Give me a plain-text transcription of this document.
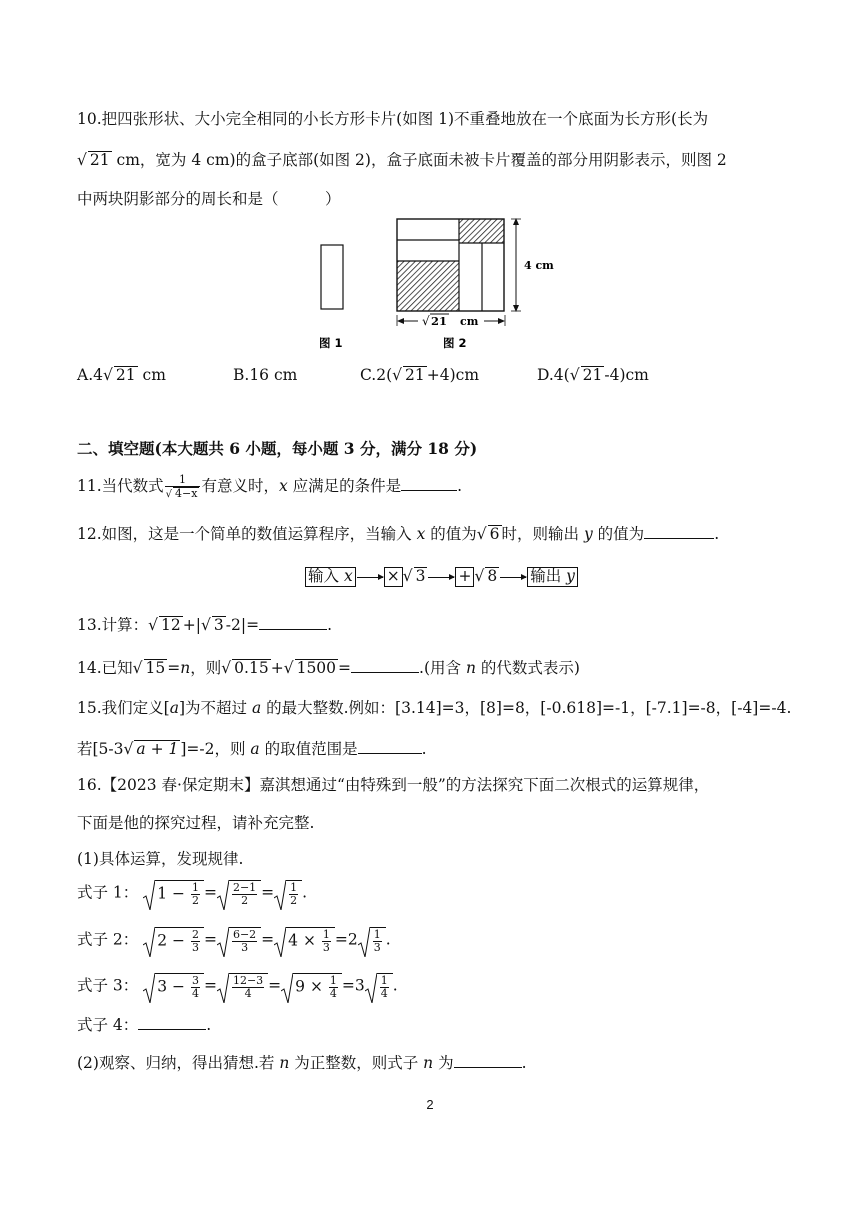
10.把四张形状、大小完全相同的小长方形卡片(如图 1)不重叠地放在一个底面为长方形(长为
√ 21 cm，宽为 4 cm)的盒子底部(如图 2)，盒子底面未被卡片覆盖的部分用阴影表示，则图 2
中两块阴影部分的周长和是（　　　）
4 cm
√ 21 cm
图 1	图 2
A.4√ 21 cm	B.16 cm	C.2(√ 21 +4)cm	D.4(√ 21 -4)cm
二、填空题(本大题共 6 小题，每小题 3 分，满分 18 分)
11.当代数式 $\frac{1}{√ 4-x}$ 有意义时，x 应满足的条件是	.
12.如图，这是一个简单的数值运算程序，当输入 x 的值为√ 6 时，则输出 y 的值为	.
输入 x × √ 3 + √ 8 输出 y
13.计算：√ 12 +|√ 3 -2|=	.
14.已知√ 15 =n，则√ 0.15 +√ 1500 =	.(用含 n 的代数式表示)
15.我们定义[a]为不超过 a 的最大整数.例如：[3.14]=3，[8]=8，[-0.618]=-1，[-7.1]=-8，[-4]=-4.
若[5-3√ a + 1 ]=-2，则 a 的取值范围是	.
16.【2023 春·保定期末】嘉淇想通过“由特殊到一般”的方法探究下面二次根式的运算规律，
下面是他的探究过程，请补充完整.
(1)具体运算，发现规律.
式子 1： $1 - \frac{1}{2} = \frac{2-1}{2} = \frac{1}{2}$ .
式子 2： $2 - \frac{2}{3} = \frac{6-2}{3} = 4 \times \frac{1}{3} =2 \frac{1}{3}$ .
式子 3： $3 - \frac{3}{4} = \frac{12-3}{4} = 9 \times \frac{1}{4} =3 \frac{1}{4}$ .
式子 4：	.
(2)观察、归纳，得出猜想.若 n 为正整数，则式子 n 为	.
2
